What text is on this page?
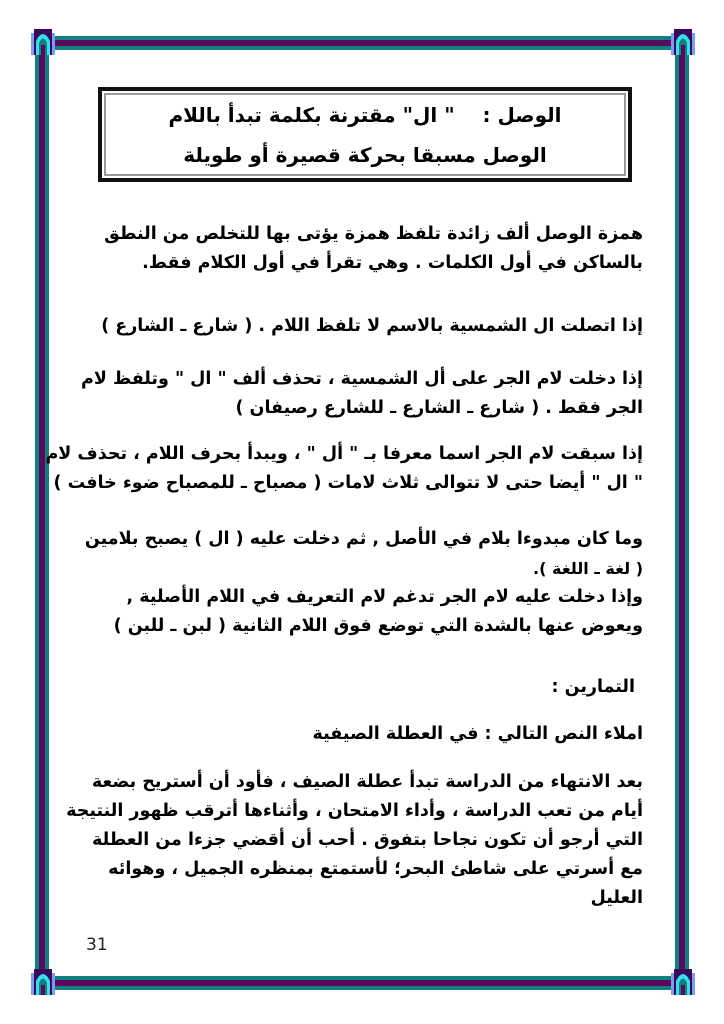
الوصل :    " ال" مقترنة بكلمة تبدأ باللام
الوصل مسبقا بحركة قصيرة أو طويلة

همزة الوصل ألف زائدة تلفظ همزة يؤتى بها للتخلص من النطق
بالساكن في أول الكلمات . وهي تقرأ في أول الكلام فقط.

إذا اتصلت ال الشمسية بالاسم لا تلفظ اللام . ( شارع ـ الشارع )

إذا دخلت لام الجر على أل الشمسية ، تحذف ألف " ال " وتلفظ لام
الجر فقط . ( شارع ـ الشارع ـ للشارع رصيفان )

إذا سبقت لام الجر اسما معرفا بـ " أل " ، ويبدأ بحرف اللام ، تحذف لام
" ال " أيضا حتى لا تتوالى ثلاث لامات ( مصباح ـ للمصباح ضوء خافت )

وما كان مبدوءا بلام في الأصل , ثم دخلت عليه ( ال ) يصبح بلامين
( لغة ـ اللغة ).
وإذا دخلت عليه لام الجر تدغم لام التعريف في اللام الأصلية ,
ويعوض عنها بالشدة التي توضع فوق اللام الثانية ( لبن ـ للبن )

التمارين :

املاء النص التالي : في العطلة الصيفية

بعد الانتهاء من الدراسة تبدأ عطلة الصيف ، فأود أن أستريح بضعة
أيام من تعب الدراسة ، وأداء الامتحان ، وأثناءها أترقب ظهور النتيجة
التي أرجو أن تكون نجاحا بتفوق . أحب أن أقضي جزءا من العطلة
مع أسرتي على شاطئ البحر؛ لأستمتع بمنظره الجميل ، وهوائه
العليل

31
